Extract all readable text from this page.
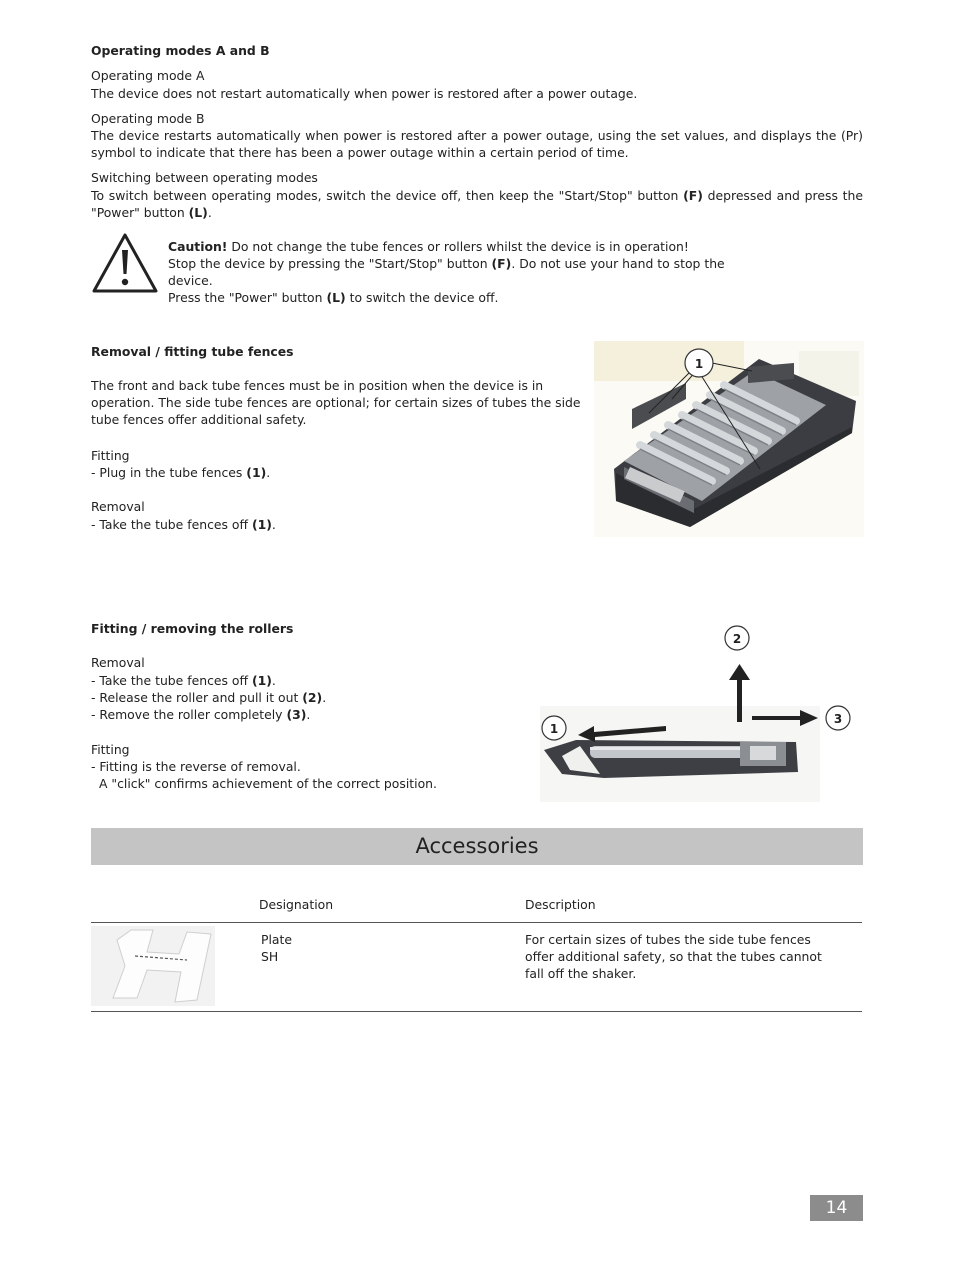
Operating modes A and B

Operating mode A

The device does not restart automatically when power is restored after a power outage.

Operating mode B

The device restarts automatically when power is restored after a power outage, using the set values, and displays the (Pr) symbol to indicate that there has been a power outage within a certain period of time.

Switching between operating modes

To switch between operating modes, switch the device off, then keep the "Start/Stop" button (F) depressed and press the "Power" button (L).

Caution! Do not change the tube fences or rollers whilst the device is in operation!

Stop the device by pressing the "Start/Stop" button (F). Do not use your hand to stop the device.

Press the "Power" button (L) to switch the device off.

Removal / fitting tube fences

The front and back tube fences must be in position when the device is in operation. The side tube fences are optional; for certain sizes of tubes the side tube fences offer additional safety.

Fitting

- Plug in the tube fences (1).

Removal

- Take the tube fences off (1).

1

Fitting / removing the rollers

Removal

- Take the tube fences off (1).

- Release the roller and pull it out (2).

- Remove the roller completely (3).

Fitting

- Fitting is the reverse of removal.

A "click" confirms achievement of the correct position.

1
2
3
Accessories

Designation	Description

Plate

SH

For certain sizes of tubes the side tube fences offer additional safety, so that the tubes cannot fall off the shaker.

14
